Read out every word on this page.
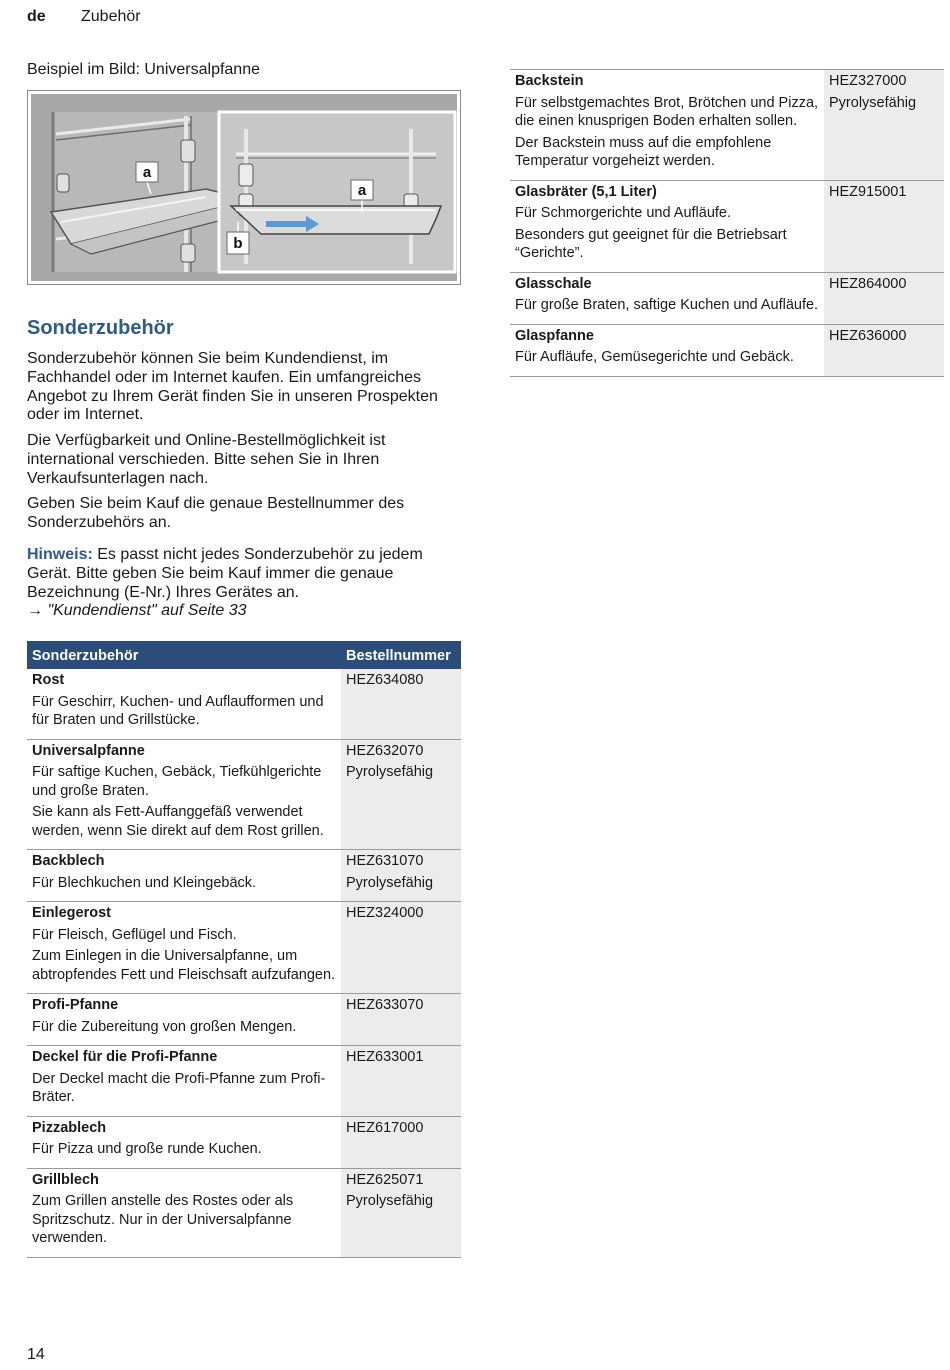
de Zubehör
Beispiel im Bild: Universalpfanne
a
a
b
Sonderzubehör

Sonderzubehör können Sie beim Kundendienst, im Fachhandel oder im Internet kaufen. Ein umfangreiches Angebot zu Ihrem Gerät finden Sie in unseren Prospekten oder im Internet.

Die Verfügbarkeit und Online-Bestellmöglichkeit ist international verschieden. Bitte sehen Sie in Ihren Verkaufsunterlagen nach.

Geben Sie beim Kauf die genaue Bestellnummer des Sonderzubehörs an.

Hinweis: Es passt nicht jedes Sonderzubehör zu jedem Gerät. Bitte geben Sie beim Kauf immer die genaue Bezeichnung (E-Nr.) Ihres Gerätes an.
→ "Kundendienst" auf Seite 33

Sonderzubehör	Bestellnummer

Rost
Für Geschirr, Kuchen- und Auflaufformen und für Braten und Grillstücke.	HEZ634080

Universalpfanne
Für saftige Kuchen, Gebäck, Tiefkühlgerichte und große Braten.
Sie kann als Fett-Auffanggefäß verwendet werden, wenn Sie direkt auf dem Rost grillen.	HEZ632070
Pyrolysefähig

Backblech
Für Blechkuchen und Kleingebäck.	HEZ631070
Pyrolysefähig

Einlegerost
Für Fleisch, Geflügel und Fisch.
Zum Einlegen in die Universalpfanne, um abtropfendes Fett und Fleischsaft aufzufangen.	HEZ324000

Profi-Pfanne
Für die Zubereitung von großen Mengen.	HEZ633070

Deckel für die Profi-Pfanne
Der Deckel macht die Profi-Pfanne zum Profi-Bräter.	HEZ633001

Pizzablech
Für Pizza und große runde Kuchen.	HEZ617000

Grillblech
Zum Grillen anstelle des Rostes oder als Spritzschutz. Nur in der Universalpfanne verwenden.	HEZ625071
Pyrolysefähig
Backstein
Für selbstgemachtes Brot, Brötchen und Pizza, die einen knusprigen Boden erhalten sollen.
Der Backstein muss auf die empfohlene Temperatur vorgeheizt werden.	HEZ327000
Pyrolysefähig

Glasbräter (5,1 Liter)
Für Schmorgerichte und Aufläufe.
Besonders gut geeignet für die Betriebsart “Gerichte”.	HEZ915001

Glasschale
Für große Braten, saftige Kuchen und Aufläufe.	HEZ864000

Glaspfanne
Für Aufläufe, Gemüsegerichte und Gebäck.	HEZ636000
14
